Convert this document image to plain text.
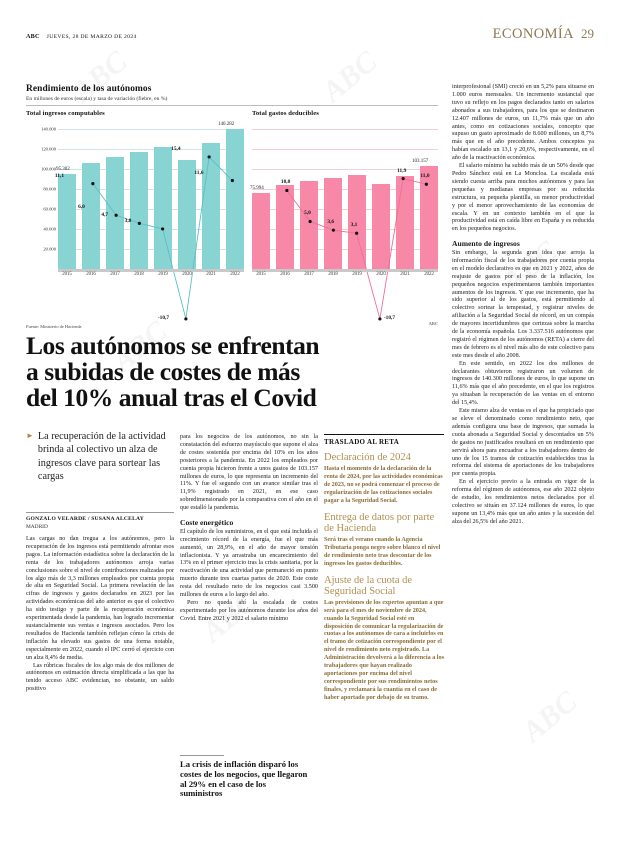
ABC JUEVES, 28 DE MARZO DE 2024	ECONOMÍA 29
Rendimiento de los autónomos
En millones de euros (escala) y tasa de variación (fiebre, en %)
Total ingresos computables
140.000
120.000
100.000
80.000
60.000
40.000
20.000
95.302
140.282
11,1
6,0
4,7
3,8
-10,7
15,4
11,6
2015	2016	2017	2018	2019	2020	2021	2022
Total gastos deducibles
75.994
103.157
10,0
5,0
3,6
3,1
-10,7
11,9
11,0
2015	2016	2017	2018	2019	2020	2021	2022
ABC
Fuente: Ministerio de Hacienda
Los autónomos se enfrentan
a subidas de costes de más
del 10% anual tras el Covid
► La recuperación de la actividad brinda al colectivo un alza de ingresos clave para sortear las cargas
GONZALO VELARDE / SUSANA ALCELAY
MADRID

Las cargas no dan tregua a los autónomos, pero la recuperación de los ingresos está permitiendo afrontar esos pagos. La información estadística sobre la declaración de la renta de los trabajadores autónomos arroja varias conclusiones sobre el nivel de contribuciones realizadas por los algo más de 3,3 millones empleados por cuenta propia de alta en Seguridad Social. La primera revelación de las cifras de ingresos y gastos declarados en 2023 por las actividades económicas del año anterior es que el colectivo ha sido testigo y parte de la recuperación económica experimentada desde la pandemia, han logrado incrementar sustancialmente sus ventas e ingresos asociados. Pero los resultados de Hacienda también reflejan cómo la crisis de inflación ha elevado sus gastos de una forma notable, especialmente en 2022, cuando el IPC cerró el ejercicio con un alza 8,4% de media.

Las rúbricas fiscales de los algo más de dos millones de autónomos en estimación directa simplificada a las que ha tenido acceso ABC evidencian, no obstante, un saldo positivo

para los negocios de los autónomos, no sin la constatación del esfuerzo mayúsculo que supone el alza de costes sostenida por encima del 10% en los años posteriores a la pandemia. En 2022 los empleados por cuenta propia hicieron frente a unos gastos de 103.157 millones de euros, lo que representa un incremento del 11%. Y fue el segundo con un avance similar tras el 11,9% registrado en 2021, en ese caso sobredimensionado por la comparativa con el año en el que estalló la pandemia.

Coste energético

El capítulo de los suministros, en el que está incluida el crecimiento récord de la energía, fue el que más aumentó, un 28,9%, en el año de mayor tensión inflacionista. Y ya arrastraba un encarecimiento del 13% en el primer ejercicio tras la crisis sanitaria, por la reactivación de una actividad que permaneció en punto muerto durante tres cuartas partes de 2020. Este coste resta del resultado neto de los negocios casi 3.500 millones de euros a lo largo del año.

Pero no queda ahí la escalada de costes experimentado por los autónomos durante los años del Covid. Entre 2021 y 2022 el salario mínimo

La crisis de inflación disparó los costes de los negocios, que llegaron al 29% en el caso de los suministros
TRASLADO AL RETA
Declaración de 2024
Hasta el momento de la declaración de la renta de 2024, por las actividades económicas de 2023, no se podrá comenzar el proceso de regularización de las cotizaciones sociales pagar a la Seguridad Social.
Entrega de datos por parte de Hacienda
Será tras el verano cuando la Agencia Tributaria ponga negro sobre blanco el nivel de rendimiento neto tras descontar de los ingresos los gastos deducibles.
Ajuste de la cuota de Seguridad Social
Las previsiones de los expertos apuntan a que será para el mes de noviembre de 2024, cuando la Seguridad Social esté en disposición de comunicar la regularización de cuotas a los autónomos de cara a incluirlos en el tramo de cotización correspondiente por el nivel de rendimiento neto registrado. La Administración devolverá a la diferencia a los trabajadores que hayan realizado aportaciones por encima del nivel correspondiente por sus rendimientos netos finales, y reclamará la cuantía en el caso de haber aportado por debajo de su tramo.

interprofesional (SMI) creció en un 5,2% para situarse en 1.000 euros mensuales. Un incremento sustancial que tuvo su reflejo en los pagos declarados tanto en salarios abonados a sus trabajadores, para los que se destinaron 12.407 millones de euros, un 11,7% más que un año antes, como en cotizaciones sociales, concepto que supuso un gasto aproximado de 8.600 millones, un 8,7% más que en el año precedente. Ambos conceptos ya habían escalado un 13,1 y 20,6%, respectivamente, en el año de la reactivación económica.

El salario mínimo ha subido más de un 50% desde que Pedro Sánchez está en La Moncloa. La escalada está siendo cuesta arriba para muchos autónomos y para las pequeñas y medianas empresas por su reducida estructura, su pequeña plantilla, su menor productividad y por el menor aprovechamiento de las economías de escala. Y en un contexto también en el que la productividad está en caída libre en España y es reducida en los pequeños negocios.

Aumento de ingresos

Sin embargo, la segunda gran idea que arroja la información fiscal de los trabajadores por cuenta propia en el modelo declarativo es que en 2021 y 2022, años de reajuste de gastos por el peso de la inflación, los pequeños negocios experimentaron también importantes aumentos de los ingresos. Y que ese incremento, que ha sido superior al de los gastos, está permitiendo al colectivo sortear la tempestad, y registrar niveles de afiliación a la Seguridad Social de récord, en un compás de mayores incertidumbres que certezas sobre la marcha de la economía española. Los 3.337.516 autónomos que registró el régimen de los autónomos (RETA) a cierre del mes de febrero es el nivel más alto de este colectivo para este mes desde el año 2008.

En este sentido, en 2022 los dos millones de declarantes obtuvieron registraron un volumen de ingresos de 140.300 millones de euros, lo que supone un 11,6% más que el año precedente, en el que los registros ya situaban la recuperación de las ventas en el entorno del 15,4%.

Este mismo alza de ventas es el que ha propiciado que se eleve el denominado como rendimiento neto, que además configura una base de ingresos, que sumada la cuota abonada a Seguridad Social y descontados un 5% de gastos no justificados resultará en un rendimiento que servirá ahora para encuadrar a los trabajadores dentro de uno de los 15 tramos de cotización establecidos tras la reforma del sistema de aportaciones de los trabajadores por cuenta propia.

En el ejercicio previo a la entrada en vigor de la reforma del régimen de autónomos, ese año 2022 objeto de estudio, los rendimientos netos declarados por el colectivo se situán en 37.124 millones de euros, lo que supone un 13,4% más que un año antes y la sucesión del alza del 26,5% del año 2021.
